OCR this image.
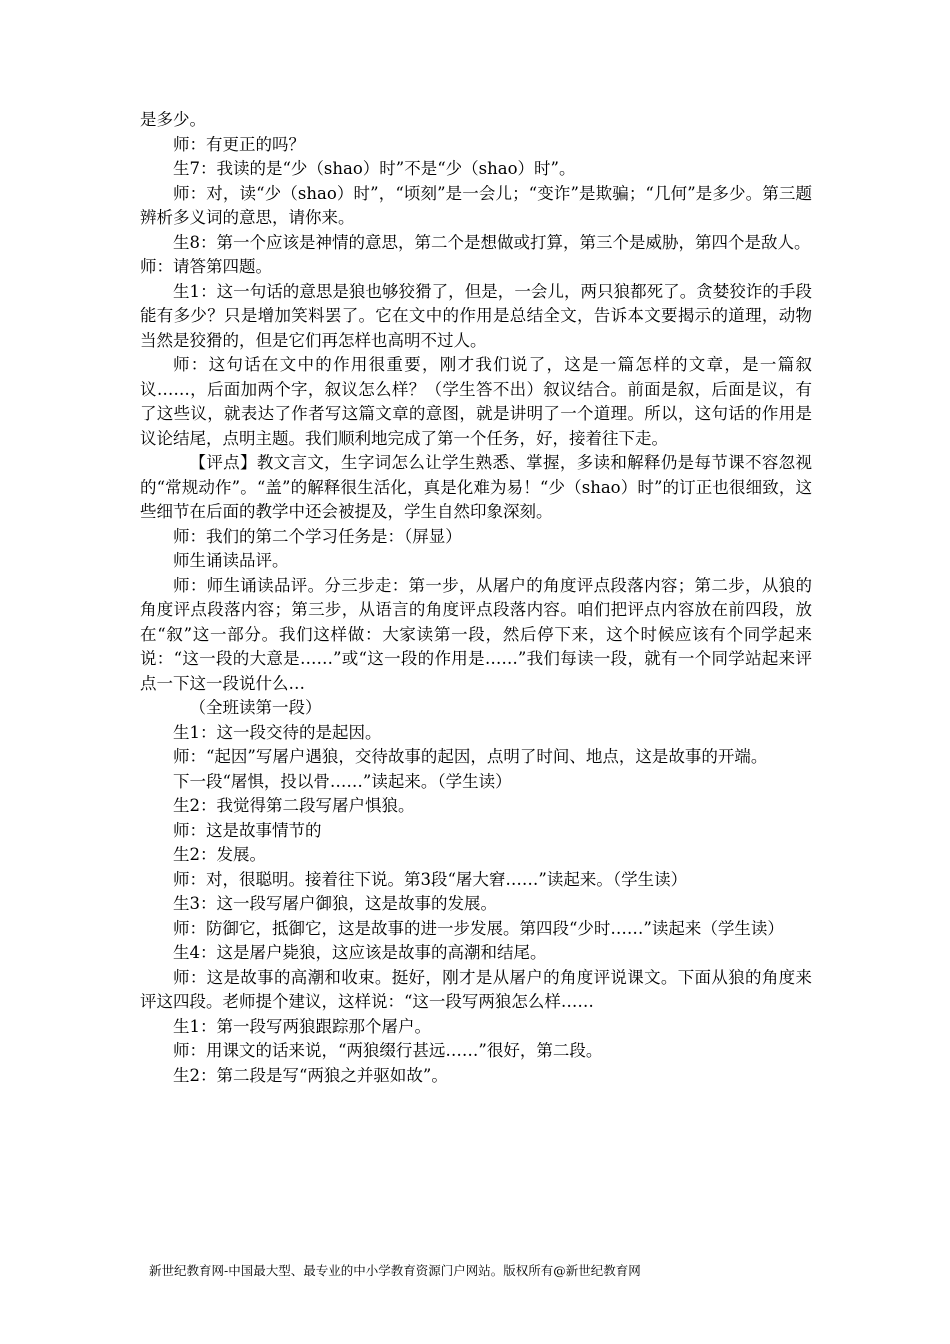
是多少。

师：有更正的吗？

生7：我读的是“少（shao）时”不是“少（shao）时”。

师：对，读“少（shao）时”，“顷刻”是一会儿；“变诈”是欺骗；“几何”是多少。第三题辨析多义词的意思，请你来。

生8：第一个应该是神情的意思，第二个是想做或打算，第三个是威胁，第四个是敌人。

师：请答第四题。

生1：这一句话的意思是狼也够狡猾了，但是，一会儿，两只狼都死了。贪婪狡诈的手段能有多少？只是增加笑料罢了。它在文中的作用是总结全文，告诉本文要揭示的道理，动物当然是狡猾的，但是它们再怎样也高明不过人。

师：这句话在文中的作用很重要，刚才我们说了，这是一篇怎样的文章，是一篇叙议……，后面加两个字，叙议怎么样？（学生答不出）叙议结合。前面是叙，后面是议，有了这些议，就表达了作者写这篇文章的意图，就是讲明了一个道理。所以，这句话的作用是议论结尾，点明主题。我们顺利地完成了第一个任务，好，接着往下走。

【评点】教文言文，生字词怎么让学生熟悉、掌握，多读和解释仍是每节课不容忽视的“常规动作”。“盖”的解释很生活化，真是化难为易！“少（shao）时”的订正也很细致，这些细节在后面的教学中还会被提及，学生自然印象深刻。

师：我们的第二个学习任务是：（屏显）

师生诵读品评。

师：师生诵读品评。分三步走：第一步，从屠户的角度评点段落内容；第二步，从狼的角度评点段落内容；第三步，从语言的角度评点段落内容。咱们把评点内容放在前四段，放在“叙”这一部分。我们这样做：大家读第一段，然后停下来，这个时候应该有个同学起来说：“这一段的大意是……”或“这一段的作用是……”我们每读一段，就有一个同学站起来评点一下这一段说什么…

（全班读第一段）

生1：这一段交待的是起因。

师：“起因”写屠户遇狼，交待故事的起因，点明了时间、地点，这是故事的开端。

下一段“屠惧，投以骨……”读起来。（学生读）

生2：我觉得第二段写屠户惧狼。

师：这是故事情节的

生2：发展。

师：对，很聪明。接着往下说。第3段“屠大窘……”读起来。（学生读）

生3：这一段写屠户御狼，这是故事的发展。

师：防御它，抵御它，这是故事的进一步发展。第四段“少时……”读起来（学生读）

生4：这是屠户毙狼，这应该是故事的高潮和结尾。

师：这是故事的高潮和收束。挺好，刚才是从屠户的角度评说课文。下面从狼的角度来评这四段。老师提个建议，这样说：“这一段写两狼怎么样……

生1：第一段写两狼跟踪那个屠户。

师：用课文的话来说，“两狼缀行甚远……”很好，第二段。

生2：第二段是写“两狼之并驱如故”。

新世纪教育网-中国最大型、最专业的中小学教育资源门户网站。版权所有@新世纪教育网
